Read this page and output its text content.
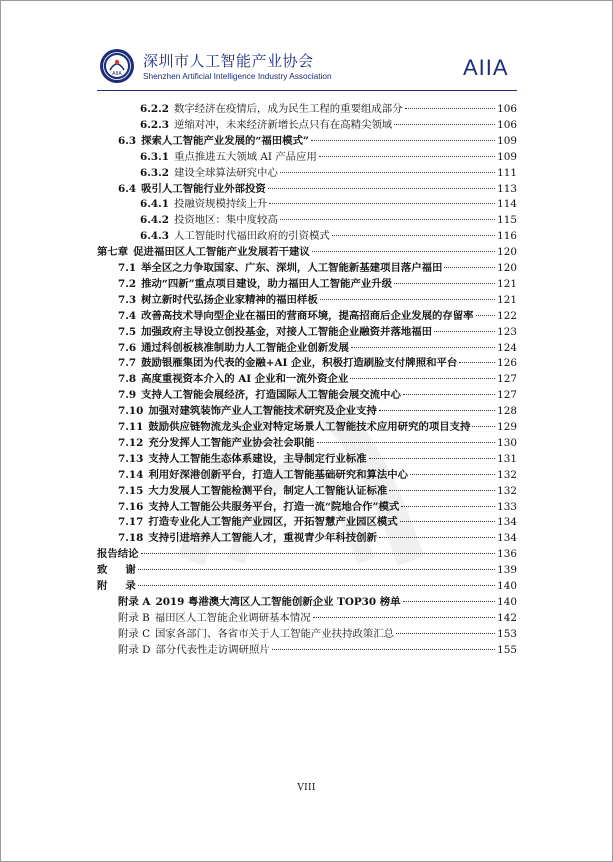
AIIA
深圳市人工智能产业协会
Shenzhen Artificial Intelligence Industry Association	AIIA
6.2.2 数字经济在疫情后，成为民生工程的重要组成部分	106
6.2.3 逆缩对冲，未来经济新增长点只有在高精尖领域	106
6.3 探索人工智能产业发展的“福田模式”	109
6.3.1 重点推进五大领域 AI 产品应用	109
6.3.2 建设全球算法研究中心	111
6.4 吸引人工智能行业外部投资	113
6.4.1 投融资规模持续上升	114
6.4.2 投资地区：集中度较高	115
6.4.3 人工智能时代福田政府的引资模式	116
第七章 促进福田区人工智能产业发展若干建议	120
7.1 举全区之力争取国家、广东、深圳，人工智能新基建项目落户福田	120
7.2 推动“四新”重点项目建设，助力福田人工智能产业升级	121
7.3 树立新时代弘扬企业家精神的福田样板	121
7.4 改善高技术导向型企业在福田的营商环境，提高招商后企业发展的存留率 122
7.5 加强政府主导设立创投基金，对接人工智能企业融资并落地福田	123
7.6 通过科创板核准制助力人工智能企业创新发展	124
7.7 鼓励银雁集团为代表的金融+AI 企业，积极打造刷脸支付牌照和平台	126
7.8 高度重视资本介入的 AI 企业和一流外资企业	127
7.9 支持人工智能会展经济，打造国际人工智能会展交流中心	127
7.10 加强对建筑装饰产业人工智能技术研究及企业支持	128
7.11 鼓励供应链物流龙头企业对特定场景人工智能技术应用研究的项目支持	129
7.12 充分发挥人工智能产业协会社会职能	130
7.13 支持人工智能生态体系建设，主导制定行业标准	131
7.14 利用好深港创新平台，打造人工智能基础研究和算法中心	132
7.15 大力发展人工智能检测平台，制定人工智能认证标准	132
7.16 支持人工智能公共服务平台，打造一流“院地合作”模式	133
7.17 打造专业化人工智能产业园区，开拓智慧产业园区模式	134
7.18 支持引进培养人工智能人才，重视青少年科技创新	134
报告结论	136
致 谢	139
附 录	140
附录 A 2019 粤港澳大湾区人工智能创新企业 TOP30 榜单	140
附录 B 福田区人工智能企业调研基本情况	142
附录 C 国家各部门、各省市关于人工智能产业扶持政策汇总	153
附录 D 部分代表性走访调研照片	155
VIII
